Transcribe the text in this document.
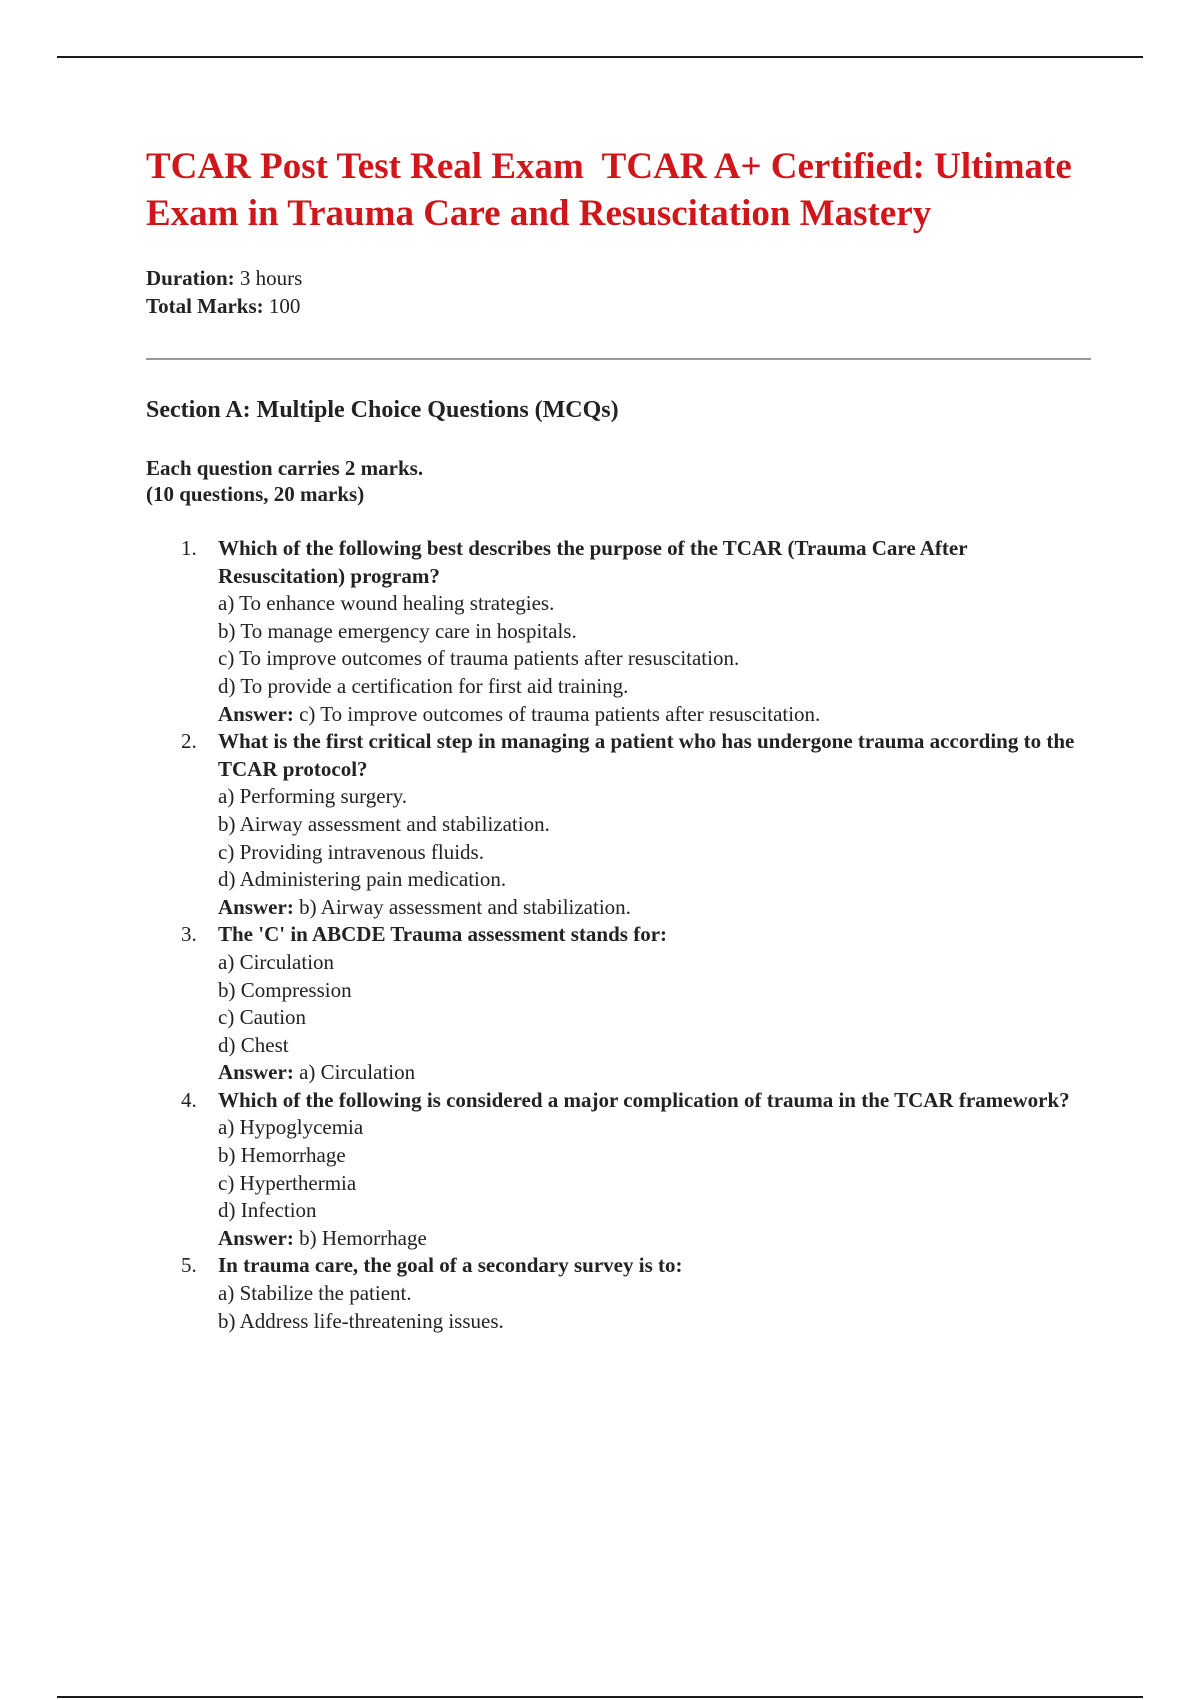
TCAR Post Test Real Exam  TCAR A+ Certified: Ultimate Exam in Trauma Care and Resuscitation Mastery
Duration: 3 hours
Total Marks: 100
Section A: Multiple Choice Questions (MCQs)
Each question carries 2 marks.
(10 questions, 20 marks)
1.	Which of the following best describes the purpose of the TCAR (Trauma Care After Resuscitation) program?
a) To enhance wound healing strategies.
b) To manage emergency care in hospitals.
c) To improve outcomes of trauma patients after resuscitation.
d) To provide a certification for first aid training.
Answer: c) To improve outcomes of trauma patients after resuscitation.
2.	What is the first critical step in managing a patient who has undergone trauma according to the TCAR protocol?
a) Performing surgery.
b) Airway assessment and stabilization.
c) Providing intravenous fluids.
d) Administering pain medication.
Answer: b) Airway assessment and stabilization.
3.	The 'C' in ABCDE Trauma assessment stands for:
a) Circulation
b) Compression
c) Caution
d) Chest
Answer: a) Circulation
4.	Which of the following is considered a major complication of trauma in the TCAR framework?
a) Hypoglycemia
b) Hemorrhage
c) Hyperthermia
d) Infection
Answer: b) Hemorrhage
5.	In trauma care, the goal of a secondary survey is to:
a) Stabilize the patient.
b) Address life-threatening issues.
